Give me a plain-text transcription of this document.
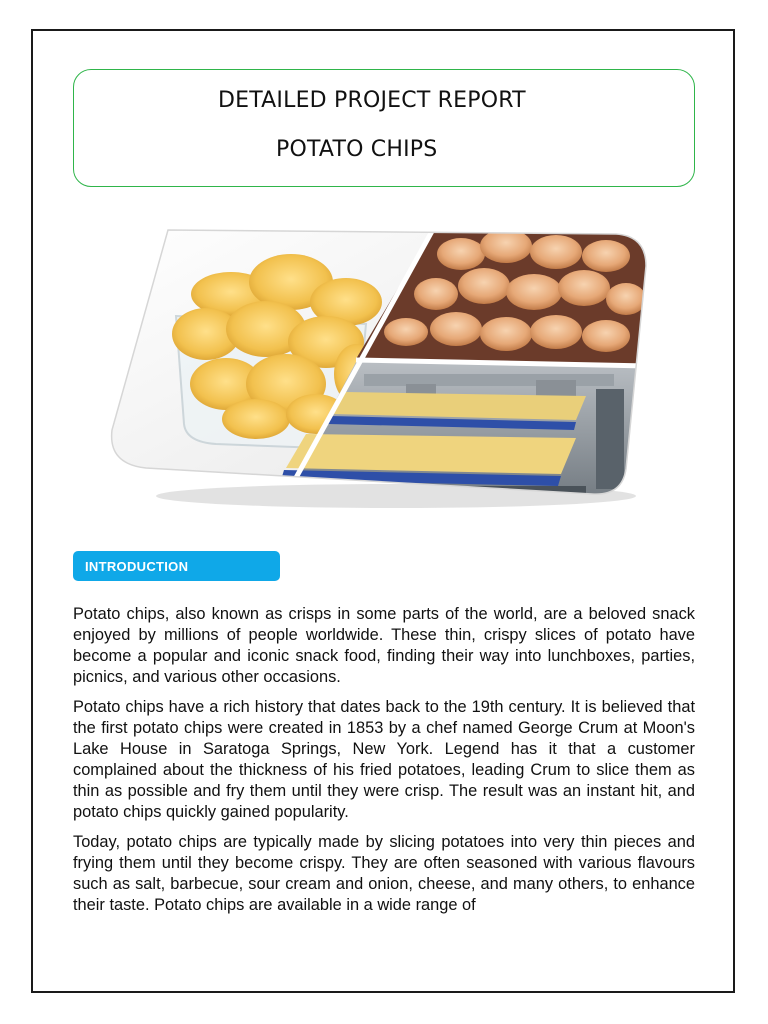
DETAILED PROJECT REPORT
POTATO CHIPS
INTRODUCTION

Potato chips, also known as crisps in some parts of the world, are a beloved snack enjoyed by millions of people worldwide. These thin, crispy slices of potato have become a popular and iconic snack food, finding their way into lunchboxes, parties, picnics, and various other occasions.

Potato chips have a rich history that dates back to the 19th century. It is believed that the first potato chips were created in 1853 by a chef named George Crum at Moon's Lake House in Saratoga Springs, New York. Legend has it that a customer complained about the thickness of his fried potatoes, leading Crum to slice them as thin as possible and fry them until they were crisp. The result was an instant hit, and potato chips quickly gained popularity.

Today, potato chips are typically made by slicing potatoes into very thin pieces and frying them until they become crispy. They are often seasoned with various flavours such as salt, barbecue, sour cream and onion, cheese, and many others, to enhance their taste. Potato chips are available in a wide range of
